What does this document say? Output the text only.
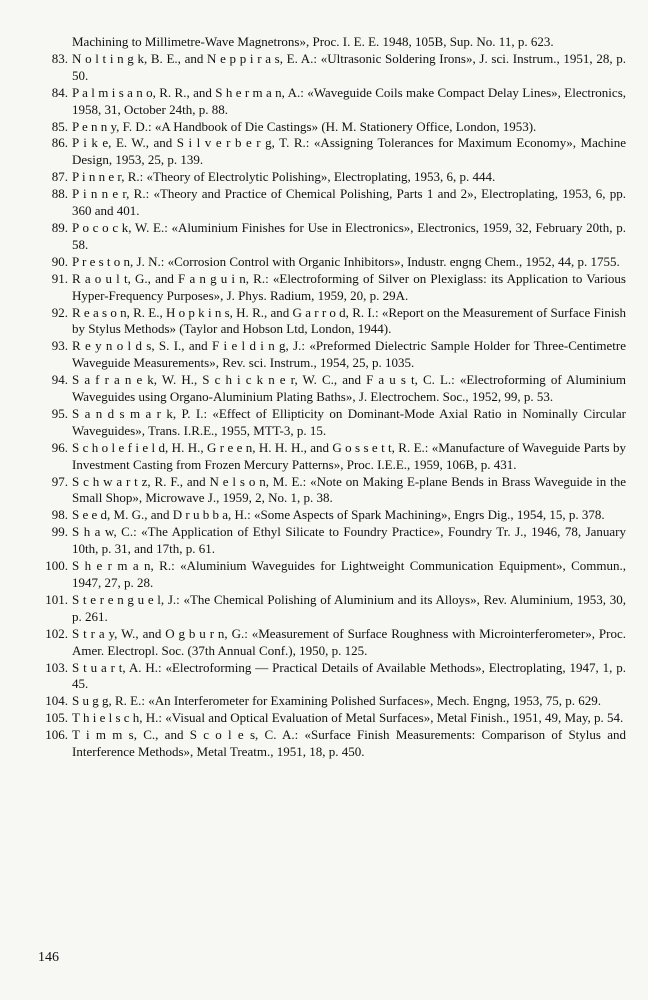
Machining to Millimetre-Wave Magnetrons», Proc. I. E. E. 1948, 105B, Sup. No. 11, p. 623.
83. N o l t i n g k, B. E., and N e p p i r a s, E. A.: «Ultrasonic Soldering Irons», J. sci. Instrum., 1951, 28, p. 50.
84. P a l m i s a n o, R. R., and S h e r m a n, A.: «Waveguide Coils make Compact Delay Lines», Electronics, 1958, 31, October 24th, p. 88.
85. P e n n y, F. D.: «A Handbook of Die Castings» (H. M. Stationery Office, London, 1953).
86. P i k e, E. W., and S i l v e r b e r g, T. R.: «Assigning Tolerances for Maximum Economy», Machine Design, 1953, 25, p. 139.
87. P i n n e r, R.: «Theory of Electrolytic Polishing», Electroplating, 1953, 6, p. 444.
88. P i n n e r, R.: «Theory and Practice of Chemical Polishing, Parts 1 and 2», Electroplating, 1953, 6, pp. 360 and 401.
89. P o c o c k, W. E.: «Aluminium Finishes for Use in Electronics», Electronics, 1959, 32, February 20th, p. 58.
90. P r e s t o n, J. N.: «Corrosion Control with Organic Inhibitors», Industr. engng Chem., 1952, 44, p. 1755.
91. R a o u l t, G., and F a n g u i n, R.: «Electroforming of Silver on Plexiglass: its Application to Various Hyper-Frequency Purposes», J. Phys. Radium, 1959, 20, p. 29A.
92. R e a s o n, R. E., H o p k i n s, H. R., and G a r r o d, R. I.: «Report on the Measurement of Surface Finish by Stylus Methods» (Taylor and Hobson Ltd, London, 1944).
93. R e y n o l d s, S. I., and F i e l d i n g, J.: «Preformed Dielectric Sample Holder for Three-Centimetre Waveguide Measurements», Rev. sci. Instrum., 1954, 25, p. 1035.
94. S a f r a n e k, W. H., S c h i c k n e r, W. C., and F a u s t, C. L.: «Electroforming of Aluminium Waveguides using Organo-Aluminium Plating Baths», J. Electrochem. Soc., 1952, 99, p. 53.
95. S a n d s m a r k, P. I.: «Effect of Ellipticity on Dominant-Mode Axial Ratio in Nominally Circular Waveguides», Trans. I.R.E., 1955, MTT-3, p. 15.
96. S c h o l e f i e l d, H. H., G r e e n, H. H. H., and G o s s e t t, R. E.: «Manufacture of Waveguide Parts by Investment Casting from Frozen Mercury Patterns», Proc. I.E.E., 1959, 106B, p. 431.
97. S c h w a r t z, R. F., and N e l s o n, M. E.: «Note on Making E-plane Bends in Brass Waveguide in the Small Shop», Microwave J., 1959, 2, No. 1, p. 38.
98. S e e d, M. G., and D r u b b a, H.: «Some Aspects of Spark Machining», Engrs Dig., 1954, 15, p. 378.
99. S h a w, C.: «The Application of Ethyl Silicate to Foundry Practice», Foundry Tr. J., 1946, 78, January 10th, p. 31, and 17th, p. 61.
100. S h e r m a n, R.: «Aluminium Waveguides for Lightweight Communication Equipment», Commun., 1947, 27, p. 28.
101. S t e r e n g u e l, J.: «The Chemical Polishing of Aluminium and its Alloys», Rev. Aluminium, 1953, 30, p. 261.
102. S t r a y, W., and O g b u r n, G.: «Measurement of Surface Roughness with Microinterferometer», Proc. Amer. Electropl. Soc. (37th Annual Conf.), 1950, p. 125.
103. S t u a r t, A. H.: «Electroforming — Practical Details of Available Methods», Electroplating, 1947, 1, p. 45.
104. S u g g, R. E.: «An Interferometer for Examining Polished Surfaces», Mech. Engng, 1953, 75, p. 629.
105. T h i e l s c h, H.: «Visual and Optical Evaluation of Metal Surfaces», Metal Finish., 1951, 49, May, p. 54.
106. T i m m s, C., and S c o l e s, C. A.: «Surface Finish Measurements: Comparison of Stylus and Interference Methods», Metal Treatm., 1951, 18, p. 450.
146
